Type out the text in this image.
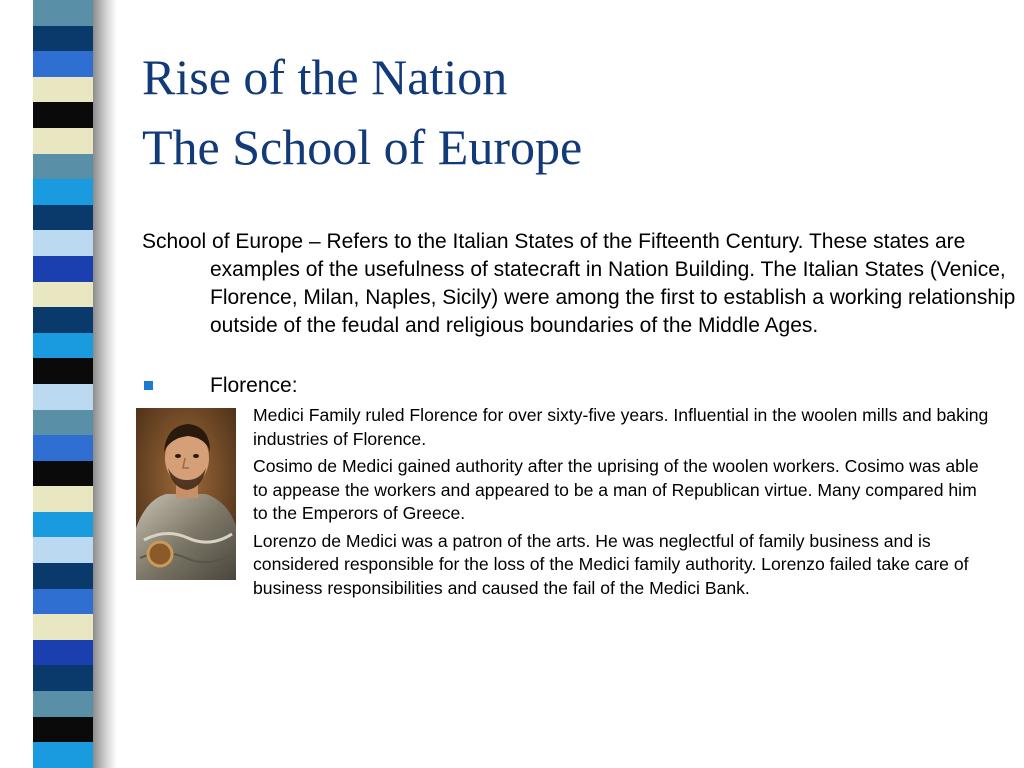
Rise of the Nation
The School of Europe

School of Europe – Refers to the Italian States of the Fifteenth Century. These states are examples of the usefulness of statecraft in Nation Building. The Italian States (Venice, Florence, Milan, Naples, Sicily) were among the first to establish a working relationship outside of the feudal and religious boundaries of the Middle Ages.

Florence:

Medici Family ruled Florence for over sixty-five years. Influential in the woolen mills and baking industries of Florence.

Cosimo de Medici gained authority after the uprising of the woolen workers. Cosimo was able to appease the workers and appeared to be a man of Republican virtue. Many compared him to the Emperors of Greece.

Lorenzo de Medici was a patron of the arts. He was neglectful of family business and is considered responsible for the loss of the Medici family authority. Lorenzo failed take care of business responsibilities and caused the fail of the Medici Bank.
